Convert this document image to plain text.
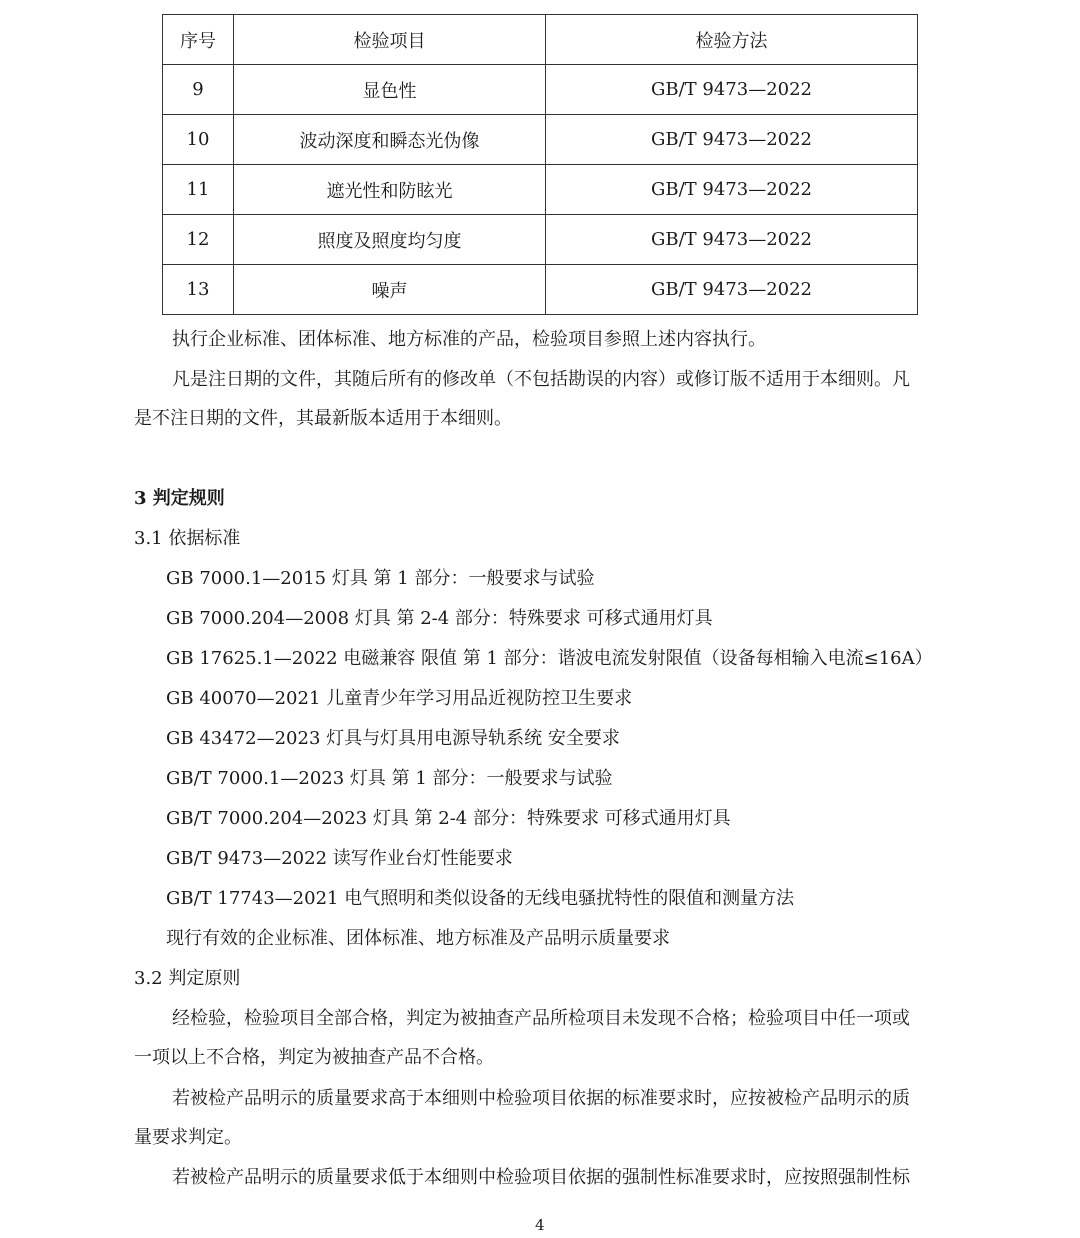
序号	检验项目	检验方法
9	显色性	GB/T 9473—2022
10	波动深度和瞬态光伪像	GB/T 9473—2022
11	遮光性和防眩光	GB/T 9473—2022
12	照度及照度均匀度	GB/T 9473—2022
13	噪声	GB/T 9473—2022
执行企业标准、团体标准、地方标准的产品，检验项目参照上述内容执行。
凡是注日期的文件，其随后所有的修改单（不包括勘误的内容）或修订版不适用于本细则。凡
是不注日期的文件，其最新版本适用于本细则。
3 判定规则
3.1 依据标准
GB 7000.1—2015 灯具 第 1 部分：一般要求与试验
GB 7000.204—2008 灯具 第 2-4 部分：特殊要求 可移式通用灯具
GB 17625.1—2022 电磁兼容 限值 第 1 部分：谐波电流发射限值（设备每相输入电流≤16A）
GB 40070—2021 儿童青少年学习用品近视防控卫生要求
GB 43472—2023 灯具与灯具用电源导轨系统 安全要求
GB/T 7000.1—2023 灯具 第 1 部分：一般要求与试验
GB/T 7000.204—2023 灯具 第 2-4 部分：特殊要求 可移式通用灯具
GB/T 9473—2022 读写作业台灯性能要求
GB/T 17743—2021 电气照明和类似设备的无线电骚扰特性的限值和测量方法
现行有效的企业标准、团体标准、地方标准及产品明示质量要求
3.2 判定原则
经检验，检验项目全部合格，判定为被抽查产品所检项目未发现不合格；检验项目中任一项或
一项以上不合格，判定为被抽查产品不合格。
若被检产品明示的质量要求高于本细则中检验项目依据的标准要求时，应按被检产品明示的质
量要求判定。
若被检产品明示的质量要求低于本细则中检验项目依据的强制性标准要求时，应按照强制性标
4
